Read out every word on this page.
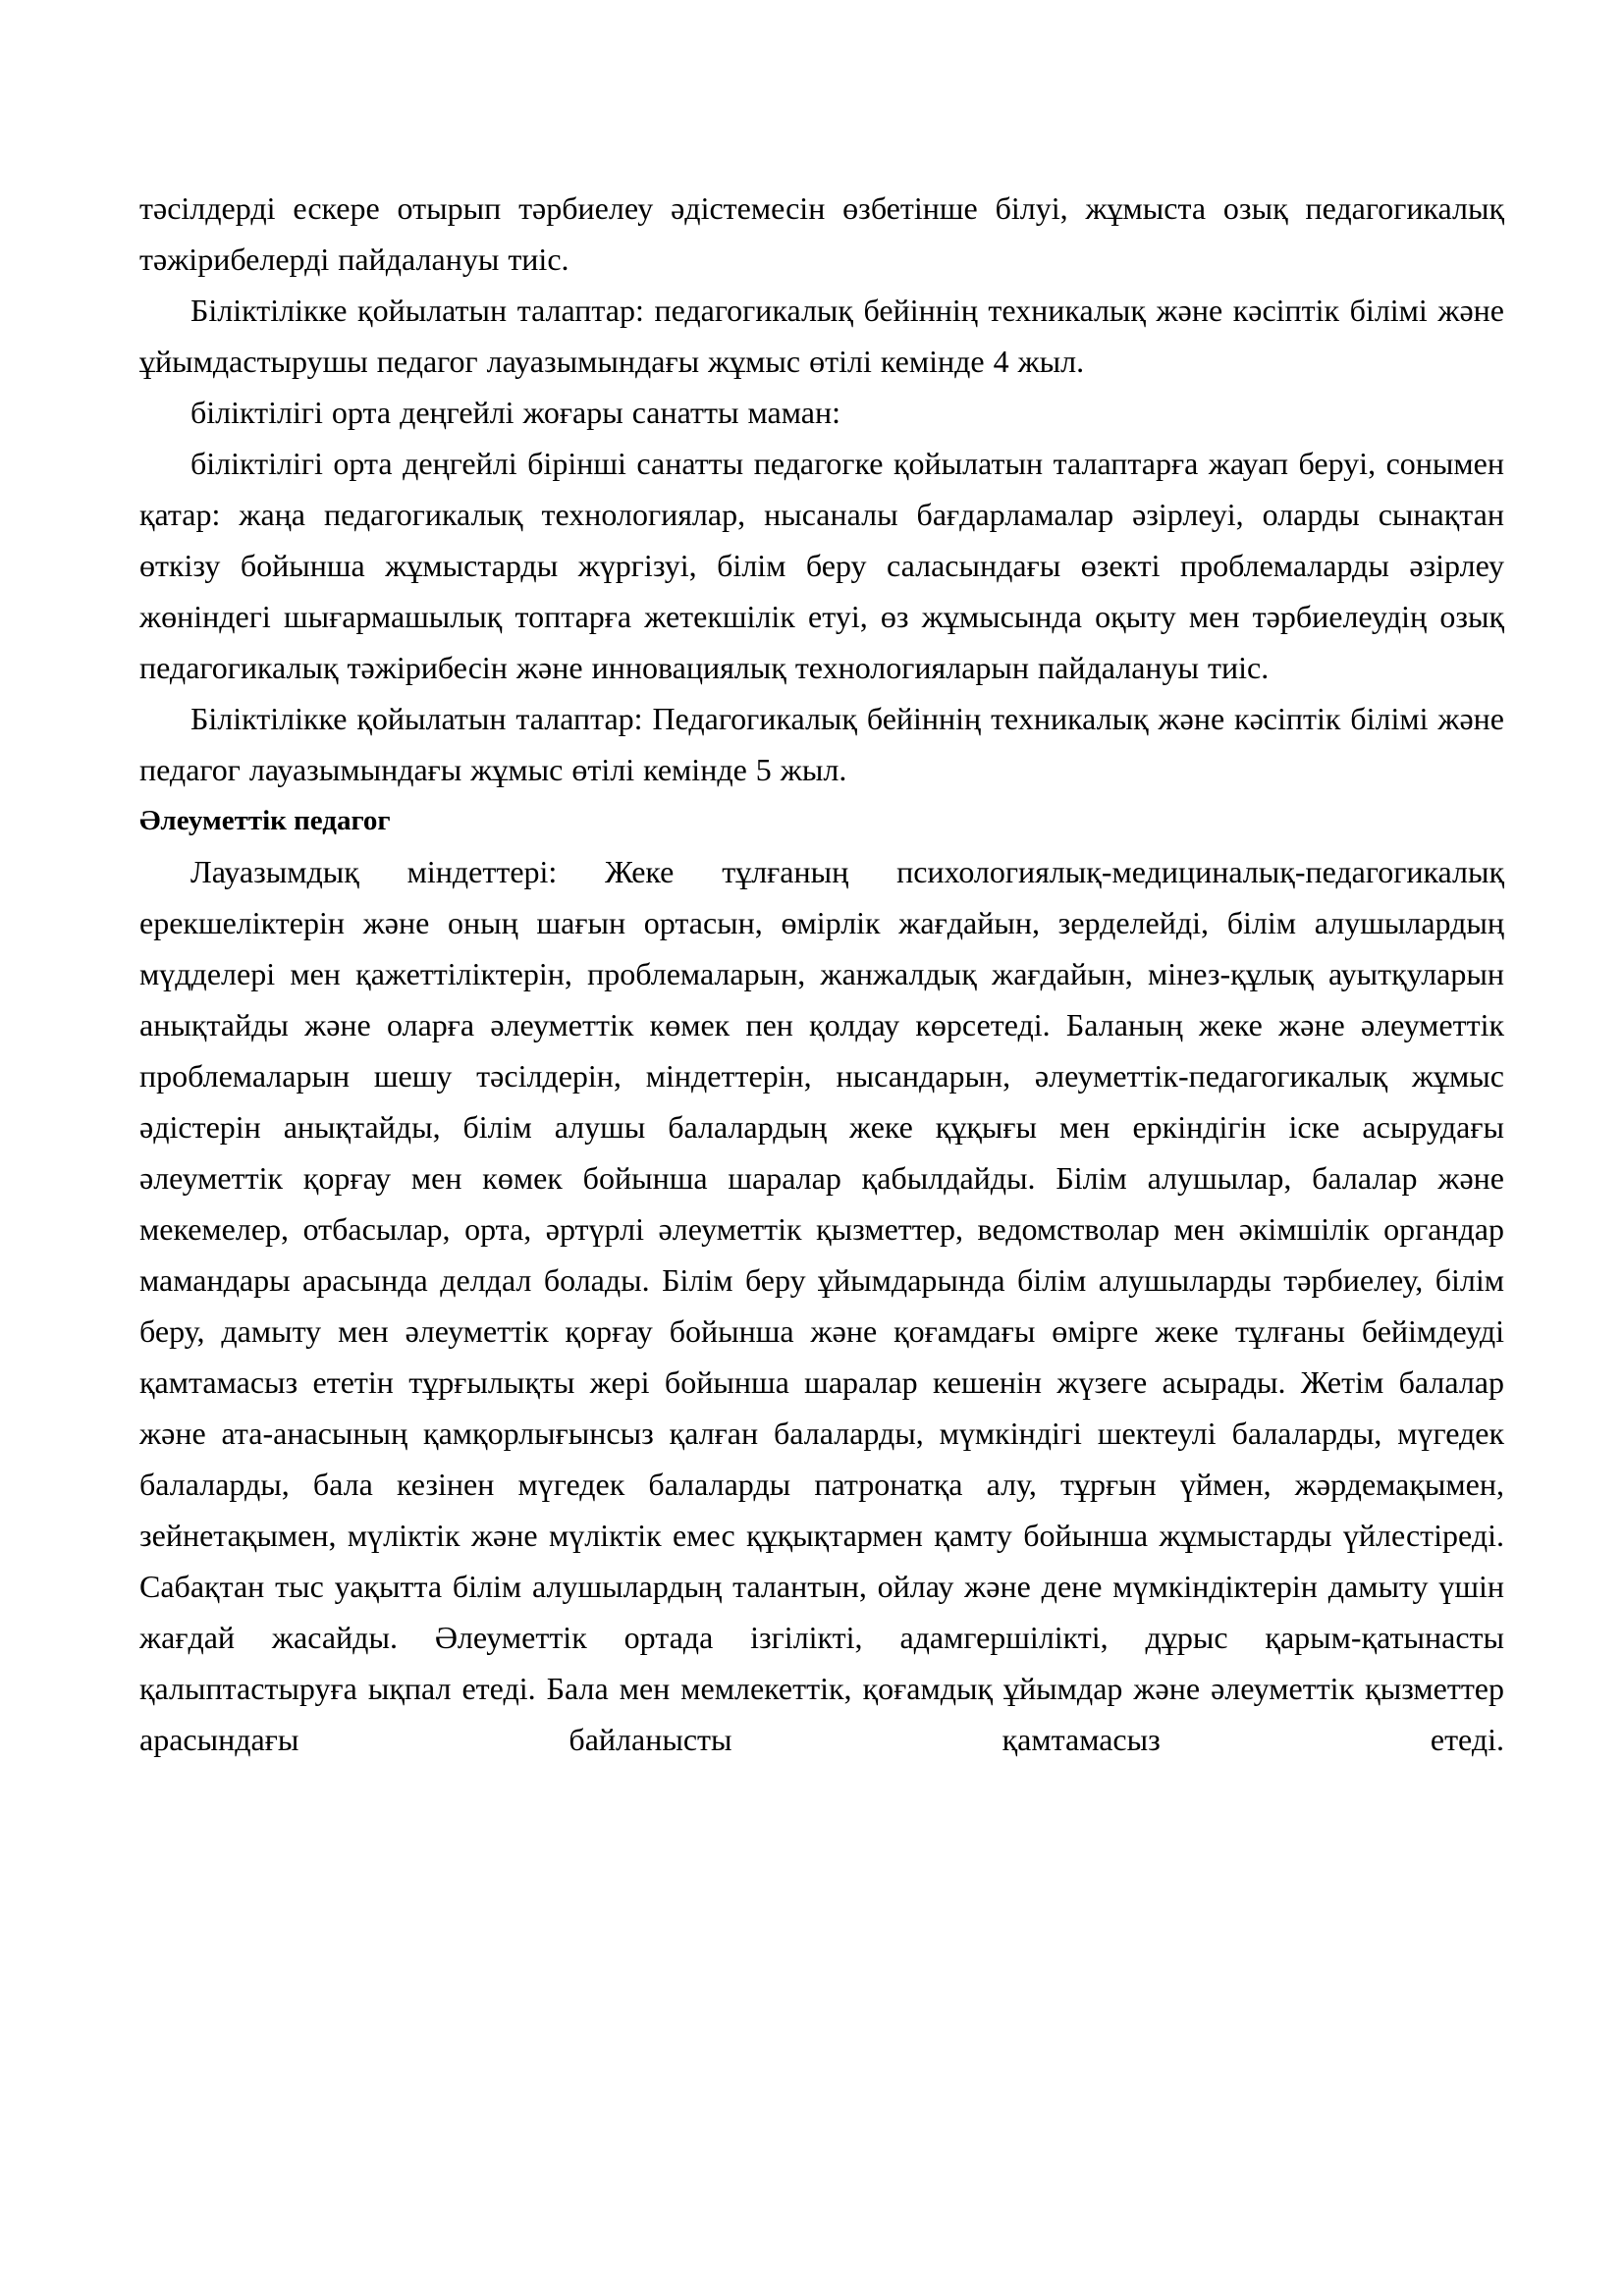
тәсілдерді ескере отырып тәрбиелеу әдістемесін өзбетінше білуі, жұмыста озық педагогикалық тәжірибелерді пайдалануы тиіс.

Біліктілікке қойылатын талаптар: педагогикалық бейіннің техникалық және кәсіптік білімі және ұйымдастырушы педагог лауазымындағы жұмыс өтілі кемінде 4 жыл.

біліктілігі орта деңгейлі жоғары санатты маман:

біліктілігі орта деңгейлі бірінші санатты педагогке қойылатын талаптарға жауап беруі, сонымен қатар: жаңа педагогикалық технологиялар, нысаналы бағдарламалар әзірлеуі, оларды сынақтан өткізу бойынша жұмыстарды жүргізуі, білім беру саласындағы өзекті проблемаларды әзірлеу жөніндегі шығармашылық топтарға жетекшілік етуі, өз жұмысында оқыту мен тәрбиелеудің озық педагогикалық тәжірибесін және инновациялық технологияларын пайдалануы тиіс.

Біліктілікке қойылатын талаптар: Педагогикалық бейіннің техникалық және кәсіптік білімі және педагог лауазымындағы жұмыс өтілі кемінде 5 жыл.

Әлеуметтік педагог

Лауазымдық міндеттері: Жеке тұлғаның психологиялық-медициналық-педагогикалық ерекшеліктерін және оның шағын ортасын, өмірлік жағдайын, зерделейді, білім алушылардың мүдделері мен қажеттіліктерін, проблемаларын, жанжалдық жағдайын, мінез-құлық ауытқуларын анықтайды және оларға әлеуметтік көмек пен қолдау көрсетеді. Баланың жеке және әлеуметтік проблемаларын шешу тәсілдерін, міндеттерін, нысандарын, әлеуметтік-педагогикалық жұмыс әдістерін анықтайды, білім алушы балалардың жеке құқығы мен еркіндігін іске асырудағы әлеуметтік қорғау мен көмек бойынша шаралар қабылдайды. Білім алушылар, балалар және мекемелер, отбасылар, орта, әртүрлі әлеуметтік қызметтер, ведомстволар мен әкімшілік органдар мамандары арасында делдал болады. Білім беру ұйымдарында білім алушыларды тәрбиелеу, білім беру, дамыту мен әлеуметтік қорғау бойынша және қоғамдағы өмірге жеке тұлғаны бейімдеуді қамтамасыз ететін тұрғылықты жері бойынша шаралар кешенін жүзеге асырады. Жетім балалар және ата-анасының қамқорлығынсыз қалған балаларды, мүмкіндігі шектеулі балаларды, мүгедек балаларды, бала кезінен мүгедек балаларды патронатқа алу, тұрғын үймен, жәрдемақымен, зейнетақымен, мүліктік және мүліктік емес құқықтармен қамту бойынша жұмыстарды үйлестіреді. Сабақтан тыс уақытта білім алушылардың талантын, ойлау және дене мүмкіндіктерін дамыту үшін жағдай жасайды. Әлеуметтік ортада ізгілікті, адамгершілікті, дұрыс қарым-қатынасты қалыптастыруға ықпал етеді. Бала мен мемлекеттік, қоғамдық ұйымдар және әлеуметтік қызметтер арасындағы байланысты қамтамасыз етеді.
